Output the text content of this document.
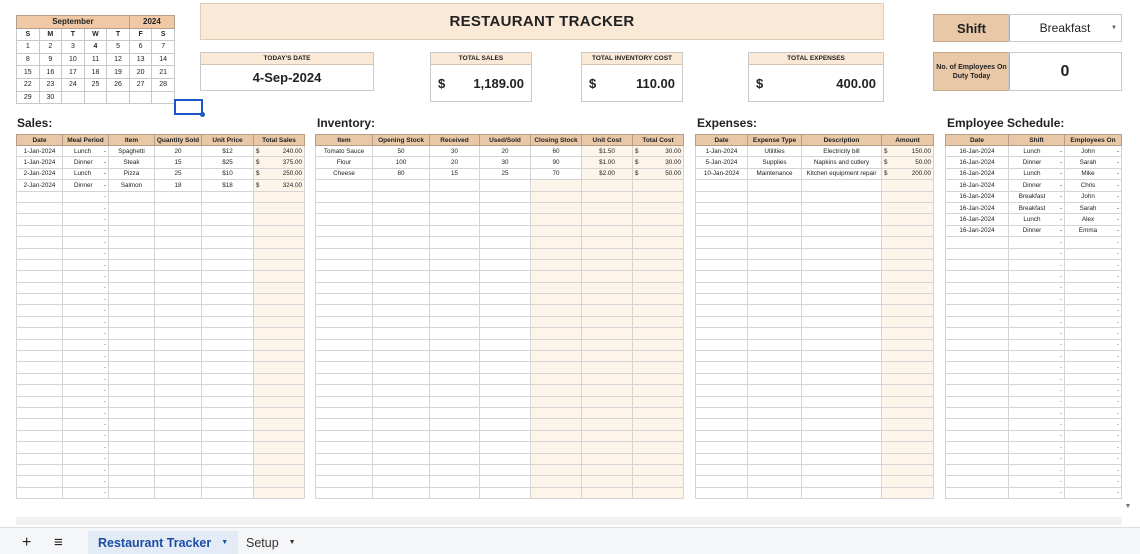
September					2024	
S	M	T	W	T	F	S
1	2	3	4	5	6	7
8	9	10	11	12	13	14
15	16	17	18	19	20	21
22	23	24	25	26	27	28
29	30					
RESTAURANT TRACKER
TODAY'S DATE
4-Sep-2024
TOTAL SALES
$ 1,189.00
TOTAL INVENTORY COST
$	110.00
TOTAL EXPENSES
$	400.00
Shift	Breakfast	▼
No. of Employees On Duty Today	0
Sales:	Inventory:	Expenses:	Employee Schedule:
Date	Meal Period	Item	Quantity Sold	Unit Price	Total Sales
1-Jan-2024	Lunch -	Spaghetti	20	$12	$ 240.00

1-Jan-2024	Dinner -	Steak	15	$25	$ 375.00

2-Jan-2024	Lunch -	Pizza	25	$10	$ 250.00

2-Jan-2024	Dinner -	Salmon	18	$18	$ 324.00

	-				
	-				
	-				
	-				
	-				
	-				
	-				
	-				
	-				
	-				
	-				
	-				
	-				
	-				
	-				
	-				
	-				
	-				
	-				
	-				
	-				
	-				
	-				
	-				
	-				
	-				
	-				
Item	Opening Stock	Received	Used/Sold	Closing Stock	Unit Cost	Total Cost
Tomato Sauce	50	30	20	60	$1.50	$ 30.00

Flour	100	20	30	90	$1.00	$ 30.00

Cheese	80	15	25	70	$2.00	$ 50.00

Date	Expense Type	Description	Amount
1-Jan-2024	Utilities	Electricity bill	$ 150.00

5-Jan-2024	Supplies	Napkins and cutlery	$ 50.00

10-Jan-2024	Maintenance	Kitchen equipment repair	$ 200.00

Date	Shift	Employees On
16-Jan-2024	Lunch -	John -

16-Jan-2024	Dinner -	Sarah -

16-Jan-2024	Lunch -	Mike -

16-Jan-2024	Dinner -	Chris -

16-Jan-2024	Breakfast -	John -

16-Jan-2024	Breakfast -	Sarah -

16-Jan-2024	Lunch -	Alex -

16-Jan-2024	Dinner -	Emma -

	-	-
	-	-
	-	-
	-	-
	-	-
	-	-
	-	-
	-	-
	-	-
	-	-
	-	-
	-	-
	-	-
	-	-
	-	-
	-	-
	-	-
	-	-
	-	-
	-	-
	-	-
	-	-
	-	-
▼
+ ≡	Restaurant Tracker ▼ Setup ▼
